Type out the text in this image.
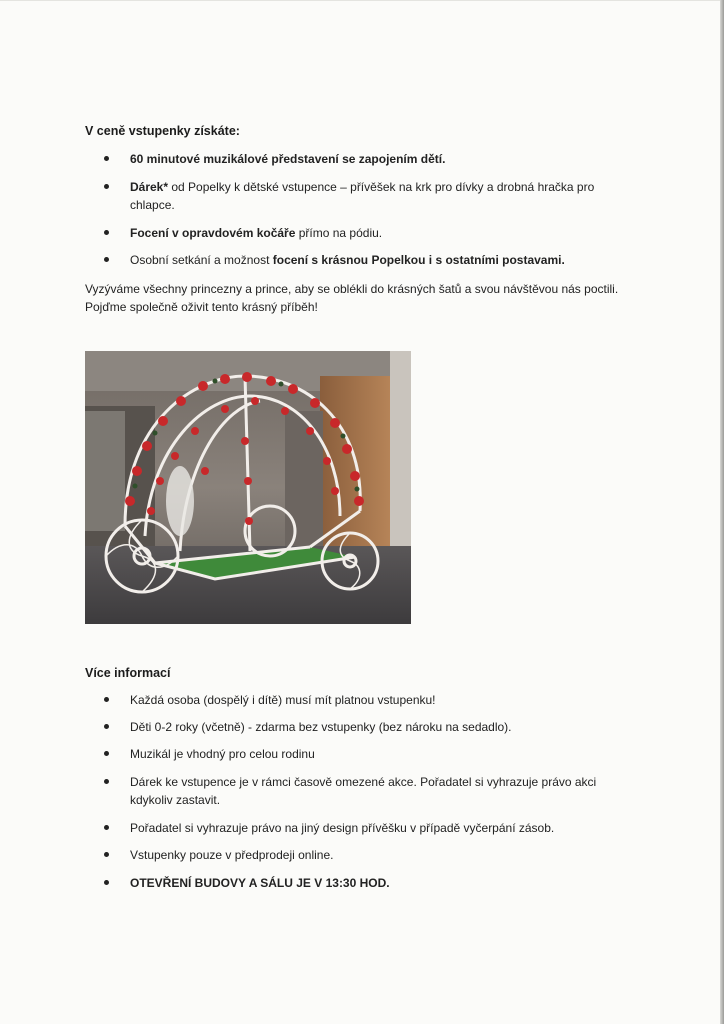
V ceně vstupenky získáte:
60 minutové muzikálové představení se zapojením dětí.
Dárek* od Popelky k dětské vstupence – přívěšek na krk pro dívky a drobná hračka pro chlapce.
Focení v opravdovém kočáře přímo na pódiu.
Osobní setkání a možnost focení s krásnou Popelkou i s ostatními postavami.
Vyzýváme všechny princezny a prince, aby se oblékli do krásných šatů a svou návštěvou nás poctili.
Pojďme společně oživit tento krásný příběh!
Více informací
Každá osoba (dospělý i dítě) musí mít platnou vstupenku!
Děti 0-2 roky (včetně) - zdarma bez vstupenky (bez nároku na sedadlo).
Muzikál je vhodný pro celou rodinu
Dárek ke vstupence je v rámci časově omezené akce. Pořadatel si vyhrazuje právo akci kdykoliv zastavit.
Pořadatel si vyhrazuje právo na jiný design přívěšku v případě vyčerpání zásob.
Vstupenky pouze v předprodeji online.
OTEVŘENÍ BUDOVY A SÁLU JE V 13:30 HOD.
